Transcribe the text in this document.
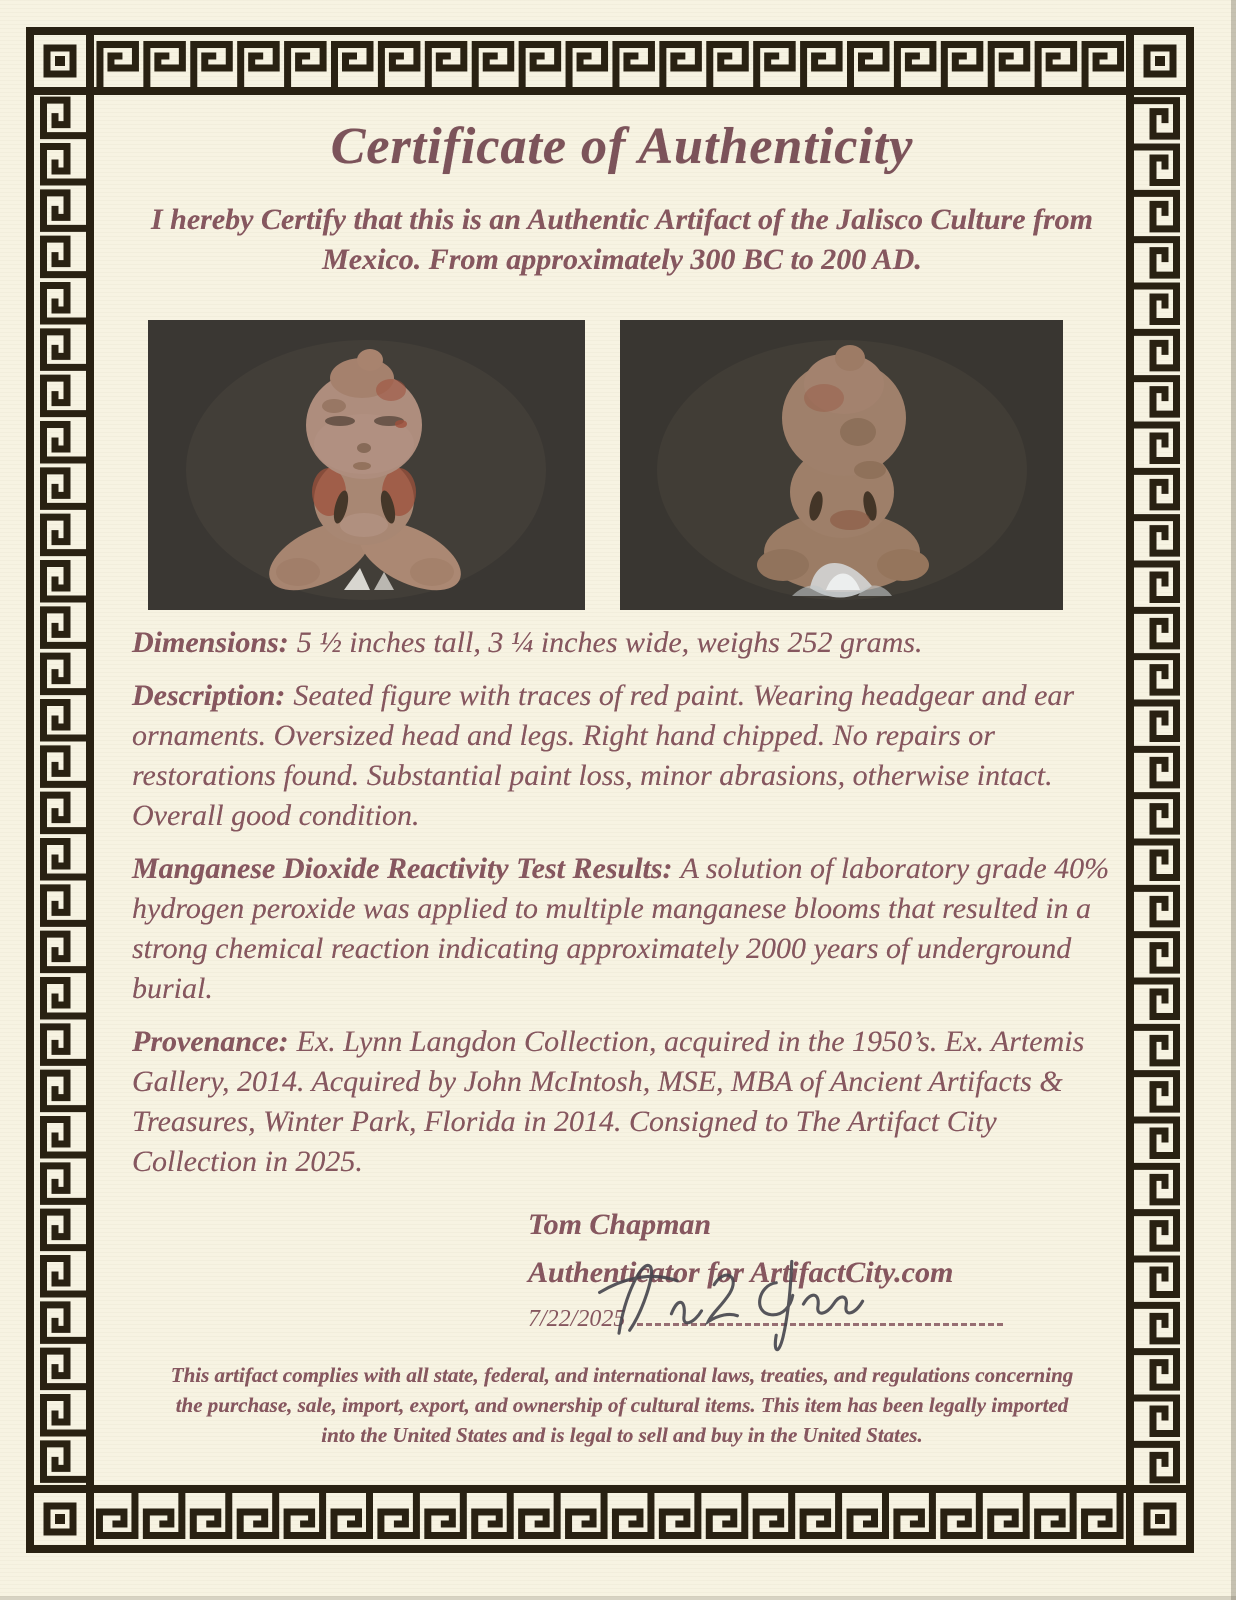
Certificate of Authenticity

I hereby Certify that this is an Authentic Artifact of the Jalisco Culture from Mexico. From approximately 300 BC to 200 AD.

Dimensions: 5 ½ inches tall, 3 ¼ inches wide, weighs 252 grams.

Description: Seated figure with traces of red paint. Wearing headgear and ear ornaments. Oversized head and legs. Right hand chipped. No repairs or restorations found. Substantial paint loss, minor abrasions, otherwise intact. Overall good condition.

Manganese Dioxide Reactivity Test Results: A solution of laboratory grade 40% hydrogen peroxide was applied to multiple manganese blooms that resulted in a strong chemical reaction indicating approximately 2000 years of underground burial.

Provenance: Ex. Lynn Langdon Collection, acquired in the 1950’s. Ex. Artemis Gallery, 2014. Acquired by John McIntosh, MSE, MBA of Ancient Artifacts & Treasures, Winter Park, Florida in 2014. Consigned to The Artifact City Collection in 2025.

Tom Chapman
Authenticator for ArtifactCity.com
7/22/2025

This artifact complies with all state, federal, and international laws, treaties, and regulations concerning the purchase, sale, import, export, and ownership of cultural items. This item has been legally imported into the United States and is legal to sell and buy in the United States.
